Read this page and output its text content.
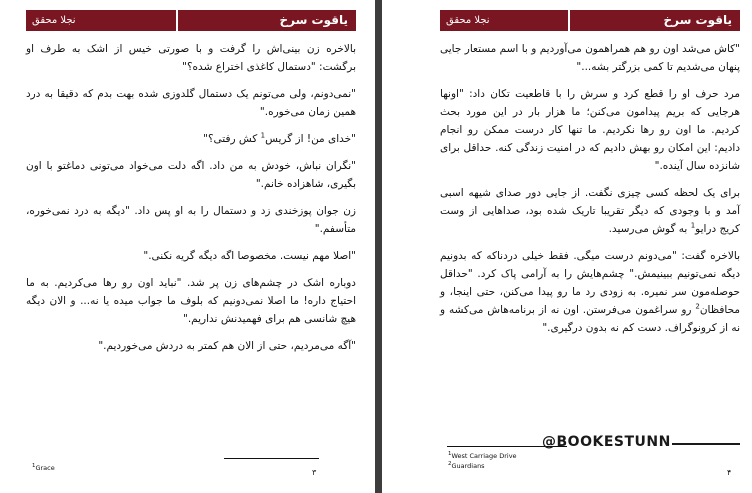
یاقوت سرخ
نجلا محقق

بالاخره زن بینی‌اش را گرفت و با صورتی خیس از اشک به طرف او برگشت: "دستمال کاغذی اختراع شده؟"

"نمی‌دونم، ولی می‌تونم یک دستمال گلدوزی شده بهت بدم که دقیقا به درد همین زمان می‌خوره."

"خدای من! از گریس$^1$ کش رفتی؟"

"نگران نباش، خودش به من داد. اگه دلت می‌خواد می‌تونی دماغتو با اون بگیری، شاهزاده خانم."

زن جوان پوزخندی زد و دستمال را به او پس داد. "دیگه به درد نمی‌خوره، متأسفم."

"اصلا مهم نیست. مخصوصا اگه دیگه گریه نکنی."

دوباره اشک در چشم‌های زن پر شد. "نباید اون رو رها می‌کردیم. به ما احتیاج داره! ما اصلا نمی‌دونیم که بلوف ما جواب میده یا نه... و الان دیگه هیچ شانسی هم برای فهمیدنش نداریم."

"آگه می‌مردیم، حتی از الان هم کمتر به دردش می‌خوردیم."

$^1$Grace	۳
یاقوت سرخ
نجلا محقق

"کاش می‌شد اون رو هم همراهمون می‌آوردیم و با اسم مستعار جایی پنهان می‌شدیم تا کمی بزرگتر بشه..."

مرد حرف او را قطع کرد و سرش را با قاطعیت تکان داد: "اونها هرجایی که بریم پیدامون می‌کنن؛ ما هزار بار در این مورد بحث کردیم. ما اون رو رها نکردیم. ما تنها کار درست ممکن رو انجام دادیم: این امکان رو بهش دادیم که در امنیت زندگی کنه. حداقل برای شانزده سال آینده."

برای یک لحظه کسی چیزی نگفت. از جایی دور صدای شیهه اسبی آمد و با وجودی که دیگر تقریبا تاریک شده بود، صداهایی از وست کریج درایو$^1$ به گوش می‌رسید.

بالاخره گفت: "می‌دونم درست میگی. فقط خیلی دردناکه که بدونیم دیگه نمی‌تونیم ببینیمش." چشم‌هایش را به آرامی پاک کرد. "حداقل حوصله‌مون سر نمیره. به زودی رد ما رو پیدا می‌کنن، حتی اینجا، و محافظان$^2$ رو سراغمون می‌فرستن. اون نه از برنامه‌هاش می‌کشه و نه از کرونوگراف. دست کم نه بدون درگیری."

$^1$West Carriage Drive
$^2$Guardians
@BOOKESTUNN
۴
